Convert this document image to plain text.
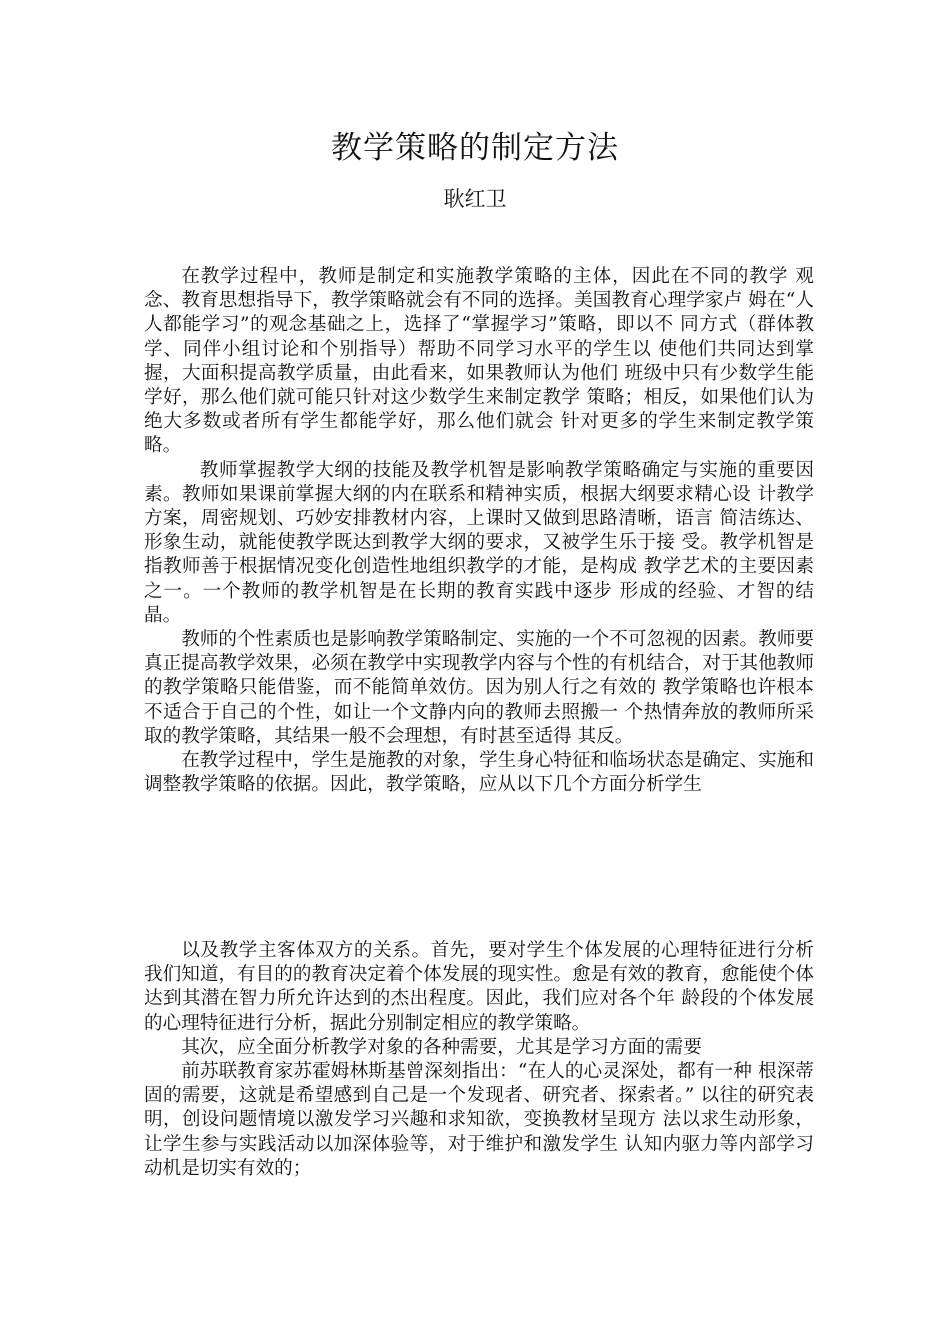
教学策略的制定方法
耿红卫

在教学过程中，教师是制定和实施教学策略的主体，因此在不同的教学 观念、教育思想指导下，教学策略就会有不同的选择。美国教育心理学家卢 姆在“人人都能学习”的观念基础之上，选择了“掌握学习”策略，即以不 同方式（群体教学、同伴小组讨论和个别指导）帮助不同学习水平的学生以 使他们共同达到掌握，大面积提高教学质量，由此看来，如果教师认为他们 班级中只有少数学生能学好，那么他们就可能只针对这少数学生来制定教学 策略；相反，如果他们认为绝大多数或者所有学生都能学好，那么他们就会 针对更多的学生来制定教学策略。

教师掌握教学大纲的技能及教学机智是影响教学策略确定与实施的重要因素。教师如果课前掌握大纲的内在联系和精神实质，根据大纲要求精心设 计教学方案，周密规划、巧妙安排教材内容，上课时又做到思路清晰，语言 简洁练达、形象生动，就能使教学既达到教学大纲的要求，又被学生乐于接 受。教学机智是指教师善于根据情况变化创造性地组织教学的才能，是构成 教学艺术的主要因素之一。一个教师的教学机智是在长期的教育实践中逐步 形成的经验、才智的结晶。

教师的个性素质也是影响教学策略制定、实施的一个不可忽视的因素。教师要真正提高教学效果，必须在教学中实现教学内容与个性的有机结合，对于其他教师的教学策略只能借鉴，而不能简单效仿。因为别人行之有效的 教学策略也许根本不适合于自己的个性，如让一个文静内向的教师去照搬一 个热情奔放的教师所采取的教学策略，其结果一般不会理想，有时甚至适得 其反。

在教学过程中，学生是施教的对象，学生身心特征和临场状态是确定、实施和调整教学策略的依据。因此，教学策略，应从以下几个方面分析学生

以及教学主客体双方的关系。首先，要对学生个体发展的心理特征进行分析 我们知道，有目的的教育决定着个体发展的现实性。愈是有效的教育，愈能使个体达到其潜在智力所允许达到的杰出程度。因此，我们应对各个年 龄段的个体发展的心理特征进行分析，据此分别制定相应的教学策略。

其次，应全面分析教学对象的各种需要，尤其是学习方面的需要

前苏联教育家苏霍姆林斯基曾深刻指出：“在人的心灵深处，都有一种 根深蒂固的需要，这就是希望感到自己是一个发现者、研究者、探索者。” 以往的研究表明，创设问题情境以激发学习兴趣和求知欲，变换教材呈现方 法以求生动形象，让学生参与实践活动以加深体验等，对于维护和激发学生 认知内驱力等内部学习动机是切实有效的；
